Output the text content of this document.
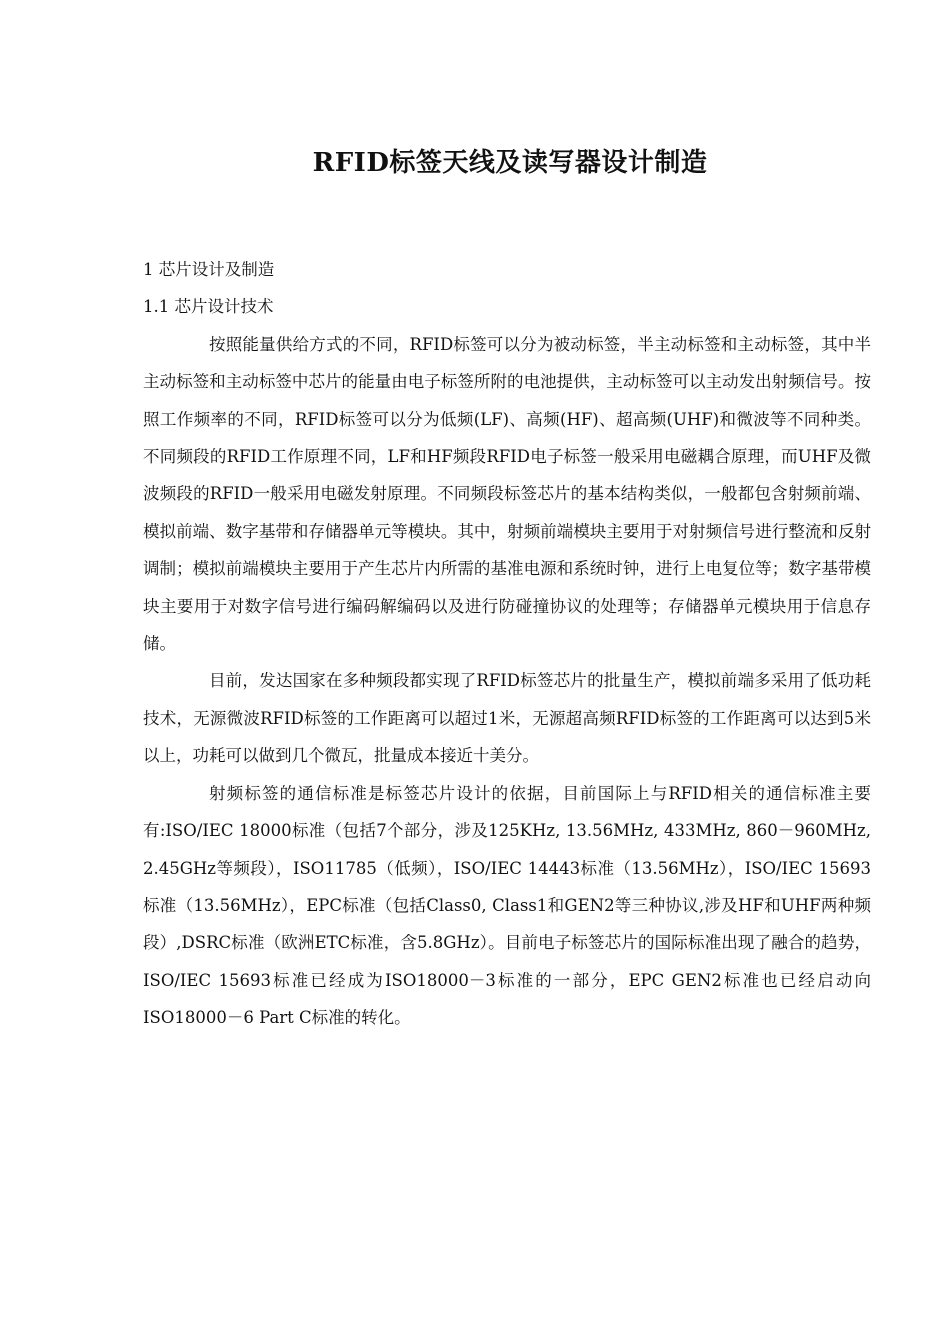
RFID标签天线及读写器设计制造

1 芯片设计及制造

1.1 芯片设计技术

按照能量供给方式的不同，RFID标签可以分为被动标签，半主动标签和主动标签，其中半主动标签和主动标签中芯片的能量由电子标签所附的电池提供，主动标签可以主动发出射频信号。按照工作频率的不同，RFID标签可以分为低频(LF)、高频(HF)、超高频(UHF)和微波等不同种类。不同频段的RFID工作原理不同，LF和HF频段RFID电子标签一般采用电磁耦合原理，而UHF及微波频段的RFID一般采用电磁发射原理。不同频段标签芯片的基本结构类似，一般都包含射频前端、模拟前端、数字基带和存储器单元等模块。其中，射频前端模块主要用于对射频信号进行整流和反射调制；模拟前端模块主要用于产生芯片内所需的基准电源和系统时钟，进行上电复位等；数字基带模块主要用于对数字信号进行编码解编码以及进行防碰撞协议的处理等；存储器单元模块用于信息存储。

目前，发达国家在多种频段都实现了RFID标签芯片的批量生产，模拟前端多采用了低功耗技术，无源微波RFID标签的工作距离可以超过1米，无源超高频RFID标签的工作距离可以达到5米以上，功耗可以做到几个微瓦，批量成本接近十美分。

射频标签的通信标准是标签芯片设计的依据，目前国际上与RFID相关的通信标准主要有:ISO/IEC 18000标准（包括7个部分，涉及125KHz, 13.56MHz, 433MHz, 860－960MHz, 2.45GHz等频段），ISO11785（低频），ISO/IEC 14443标准（13.56MHz），ISO/IEC 15693标准（13.56MHz），EPC标准（包括Class0, Class1和GEN2等三种协议,涉及HF和UHF两种频段）,DSRC标准（欧洲ETC标准，含5.8GHz）。目前电子标签芯片的国际标准出现了融合的趋势，ISO/IEC 15693标准已经成为ISO18000－3标准的一部分，EPC GEN2标准也已经启动向ISO18000－6 Part C标准的转化。
